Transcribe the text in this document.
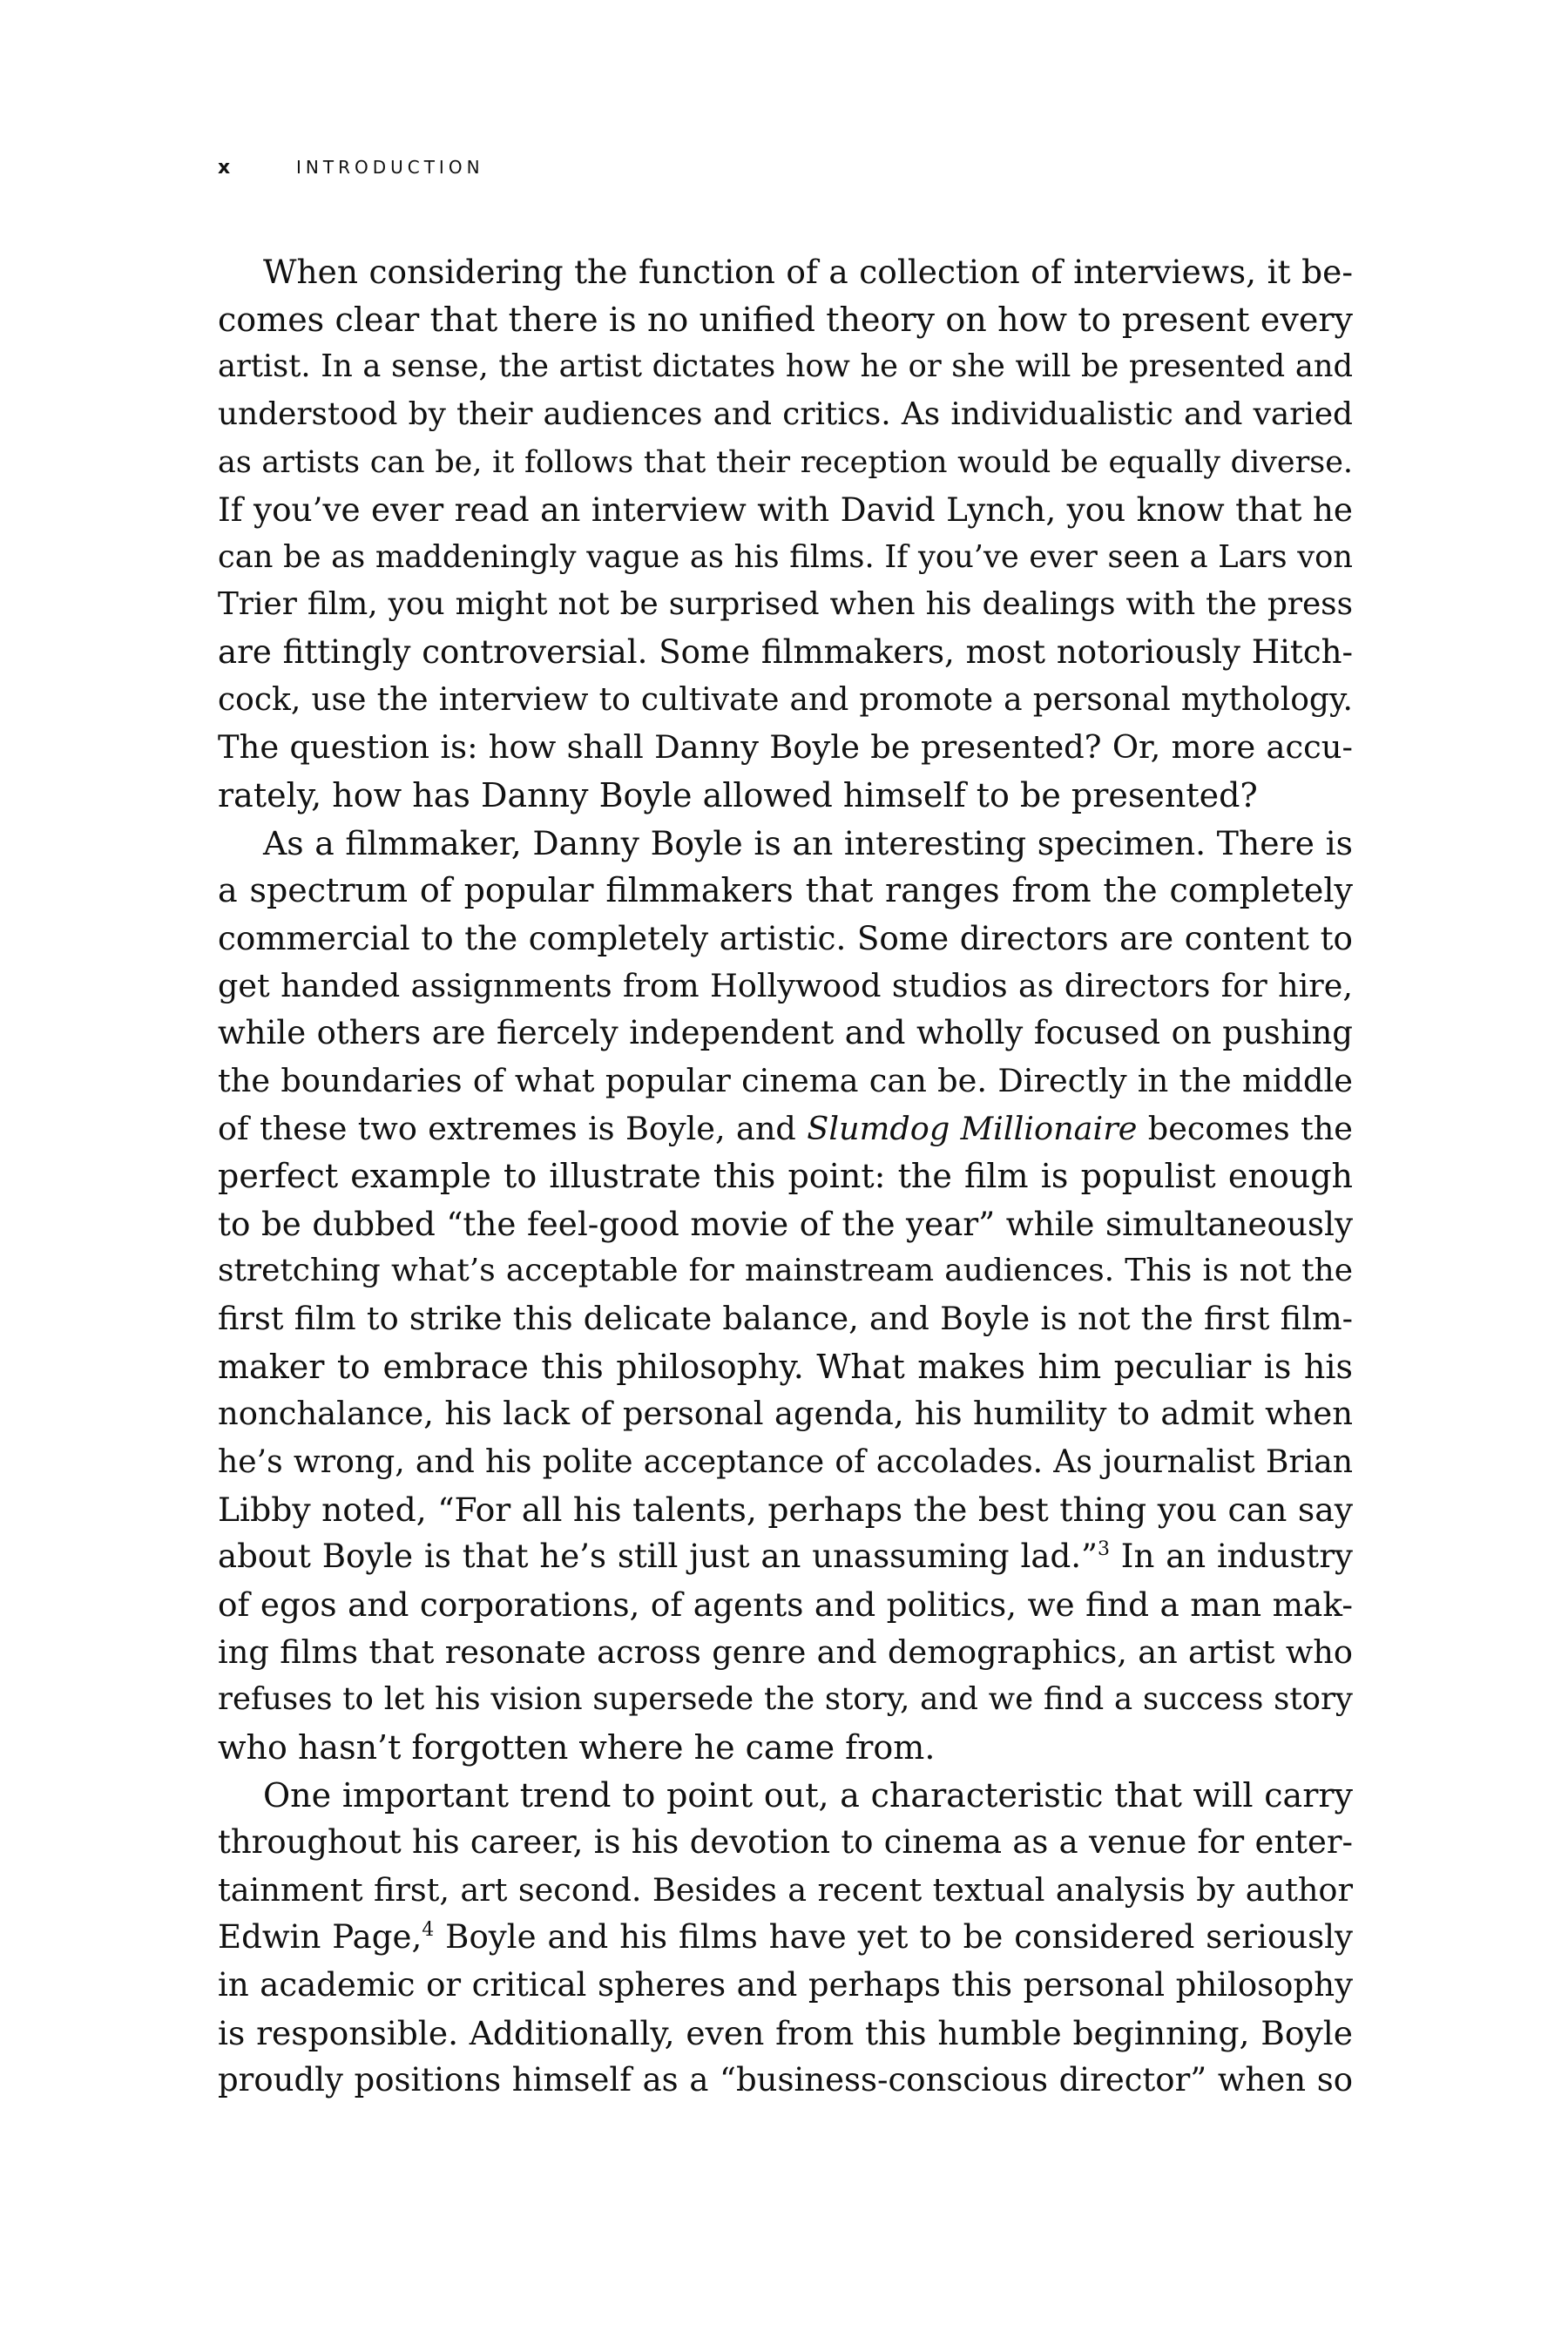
x	INTRODUCTION
When considering the function of a collection of interviews, it be-
comes clear that there is no unified theory on how to present every
artist. In a sense, the artist dictates how he or she will be presented and
understood by their audiences and critics. As individualistic and varied
as artists can be, it follows that their reception would be equally diverse.
If you’ve ever read an interview with David Lynch, you know that he
can be as maddeningly vague as his films. If you’ve ever seen a Lars von
Trier film, you might not be surprised when his dealings with the press
are fittingly controversial. Some filmmakers, most notoriously Hitch-
cock, use the interview to cultivate and promote a personal mythology.
The question is: how shall Danny Boyle be presented? Or, more accu-
rately, how has Danny Boyle allowed himself to be presented?
As a filmmaker, Danny Boyle is an interesting specimen. There is
a spectrum of popular filmmakers that ranges from the completely
commercial to the completely artistic. Some directors are content to
get handed assignments from Hollywood studios as directors for hire,
while others are fiercely independent and wholly focused on pushing
the boundaries of what popular cinema can be. Directly in the middle
of these two extremes is Boyle, and Slumdog Millionaire becomes the
perfect example to illustrate this point: the film is populist enough
to be dubbed “the feel-good movie of the year” while simultaneously
stretching what’s acceptable for mainstream audiences. This is not the
first film to strike this delicate balance, and Boyle is not the first film-
maker to embrace this philosophy. What makes him peculiar is his
nonchalance, his lack of personal agenda, his humility to admit when
he’s wrong, and his polite acceptance of accolades. As journalist Brian
Libby noted, “For all his talents, perhaps the best thing you can say
about Boyle is that he’s still just an unassuming lad.”$^3$ In an industry
of egos and corporations, of agents and politics, we find a man mak-
ing films that resonate across genre and demographics, an artist who
refuses to let his vision supersede the story, and we find a success story
who hasn’t forgotten where he came from.
One important trend to point out, a characteristic that will carry
throughout his career, is his devotion to cinema as a venue for enter-
tainment first, art second. Besides a recent textual analysis by author
Edwin Page,$^4$ Boyle and his films have yet to be considered seriously
in academic or critical spheres and perhaps this personal philosophy
is responsible. Additionally, even from this humble beginning, Boyle
proudly positions himself as a “business-conscious director” when so
